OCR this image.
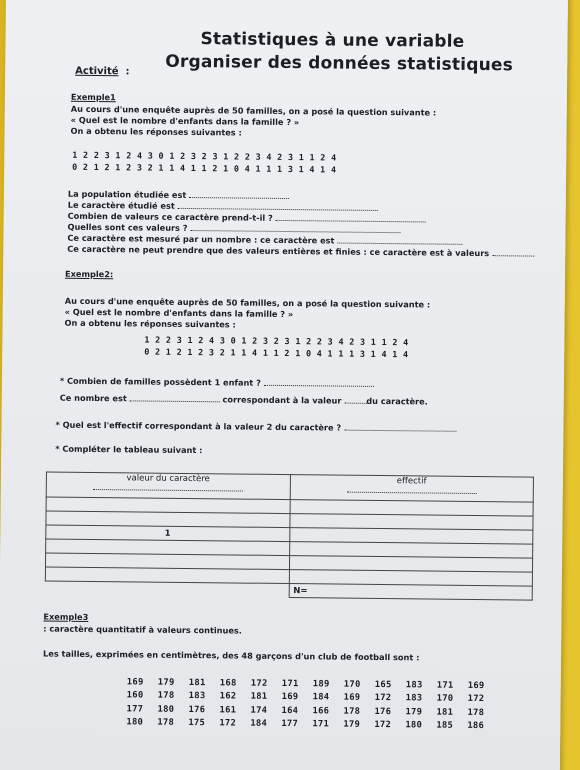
Statistiques à une variable
Organiser des données statistiques
Activité :
Exemple1
Au cours d'une enquête auprès de 50 familles, on a posé la question suivante :
« Quel est le nombre d'enfants dans la famille ? »
On a obtenu les réponses suivantes :
1 2 2 3 1 2 4 3 0 1 2 3 2 3 1 2 2 3 4 2 3 1 1 2 4
0 2 1 2 1 2 3 2 1 1 4 1 1 2 1 0 4 1 1 1 3 1 4 1 4
La population étudiée est
Le caractère étudié est
Combien de valeurs ce caractère prend-t-il ?
Quelles sont ces valeurs ?
Ce caractère est mesuré par un nombre : ce caractère est
Ce caractère ne peut prendre que des valeurs entières et finies : ce caractère est à valeurs
Exemple2:
Au cours d'une enquête auprès de 50 familles, on a posé la question suivante :
« Quel est le nombre d'enfants dans la famille ? »
On a obtenu les réponses suivantes :
1 2 2 3 1 2 4 3 0 1 2 3 2 3 1 2 2 3 4 2 3 1 1 2 4
0 2 1 2 1 2 3 2 1 1 4 1 1 2 1 0 4 1 1 1 3 1 4 1 4
* Combien de familles possèdent 1 enfant ?
Ce nombre est	correspondant à la valeur	du caractère.
* Quel est l'effectif correspondant à la valeur 2 du caractère ?
* Compléter le tableau suivant :
valeur du caractère	effectif

1	

	N=
Exemple3
: caractère quantitatif à valeurs continues.
Les tailles, exprimées en centimètres, des 48 garçons d'un club de football sont :
169 179 181 168 172 171 189 170 165 183 171 169
160 178 183 162 181 169 184 169 172 183 170 172
177 180 176 161 174 164 166 178 176 179 181 178
180 178 175 172 184 177 171 179 172 180 185 186
